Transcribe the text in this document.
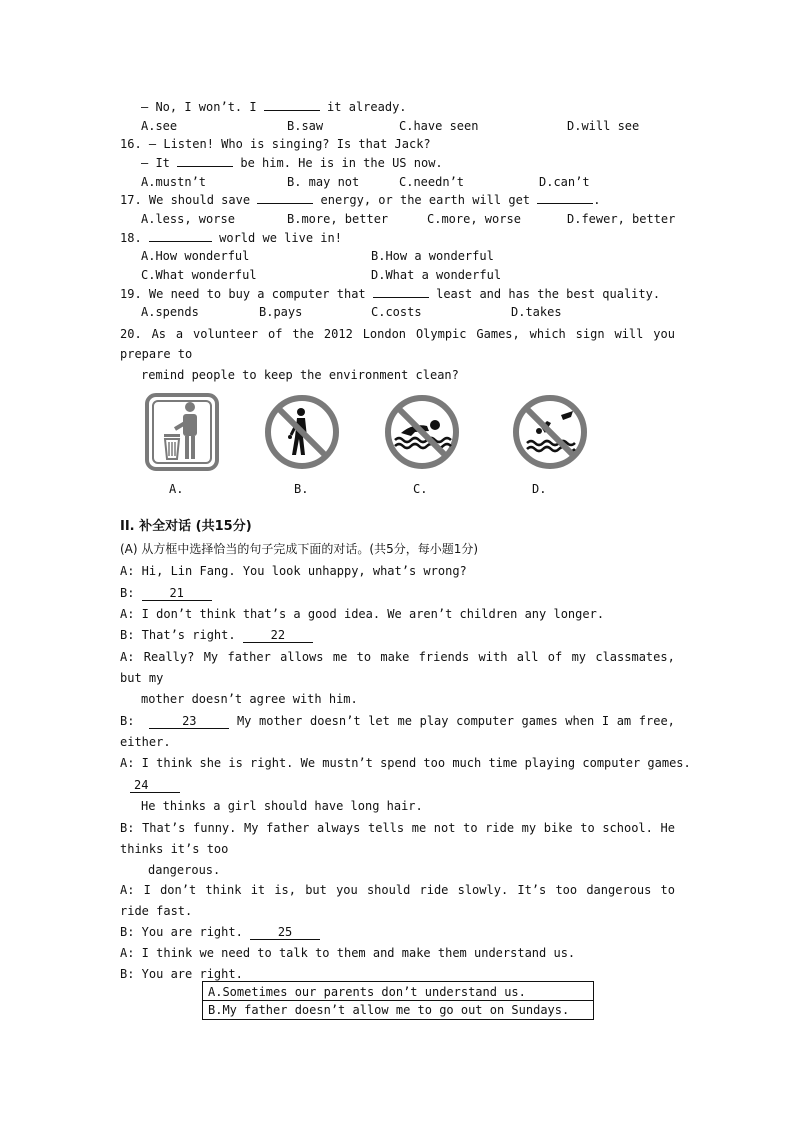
– No, I won’t. I	it already.
A.see	B.saw	C.have seen	D.will see
16. – Listen! Who is singing? Is that Jack?
– It	be him. He is in the US now.
A.mustn’t	B. may not	C.needn’t	D.can’t
17. We should save	energy, or the earth will get	.
A.less, worse	B.more, better	C.more, worse	D.fewer, better
18.	world we live in!
A.How wonderful	B.How a wonderful
C.What wonderful	D.What a wonderful
19. We need to buy a computer that	least and has the best quality.
A.spends	B.pays	C.costs	D.takes
20. As a volunteer of the 2012 London Olympic Games, which sign will you
prepare to
remind people to keep the environment clean?
A.	B.	C.	D.
II. 补全对话 (共15分)
(A) 从方框中选择恰当的句子完成下面的对话。(共5分，每小题1分)
A: Hi, Lin Fang. You look unhappy, what’s wrong?
B: 21
A: I don’t think that’s a good idea. We aren’t children any longer.
B: That’s right. 22
A: Really? My father allows me to make friends with all of my classmates,
but my
mother doesn’t agree with him.
B:	23	My mother doesn’t let me play computer games when I am free,
either.
A: I think she is right. We mustn’t spend too much time playing computer games.
24
He thinks a girl should have long hair.
B: That’s funny. My father always tells me not to ride my bike to school. He
thinks it’s too
dangerous.
A: I don’t think it is, but you should ride slowly. It’s too dangerous to
ride fast.
B: You are right. 25
A: I think we need to talk to them and make them understand us.
B: You are right.
A.Sometimes our parents don’t understand us.
B.My father doesn’t allow me to go out on Sundays.
